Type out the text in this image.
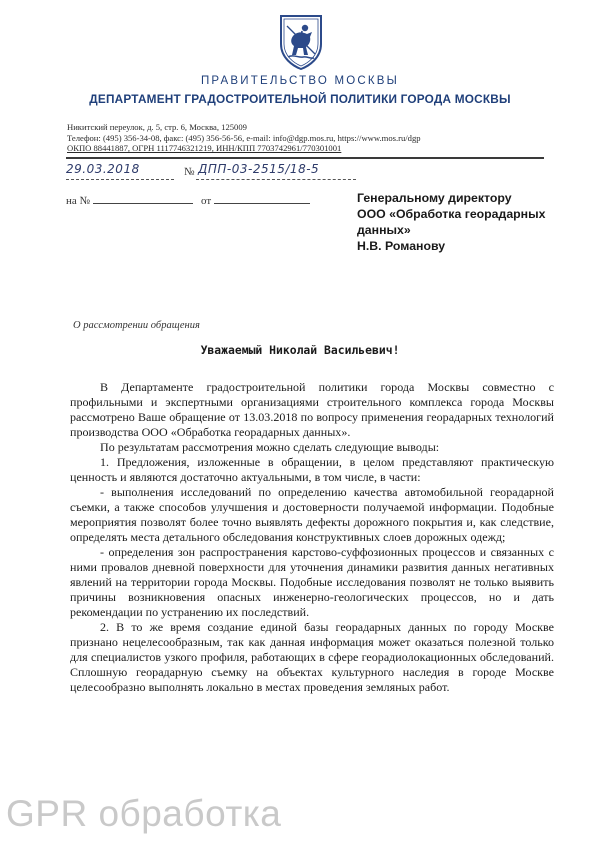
ПРАВИТЕЛЬСТВО МОСКВЫ
ДЕПАРТАМЕНТ ГРАДОСТРОИТЕЛЬНОЙ ПОЛИТИКИ ГОРОДА МОСКВЫ
Никитский переулок, д. 5, стр. 6, Москва, 125009
Телефон: (495) 356-34-08, факс: (495) 356-56-56, e-mail: info@dgp.mos.ru, https://www.mos.ru/dgp
ОКПО 88441887, ОГРН 1117746321219, ИНН/КПП 7703742961/770301001
29.03.2018	№ ДПП-03-2515/18-5
на №	от	Генеральному директору
ООО «Обработка георадарных
данных»
Н.В. Романову
О рассмотрении обращения
Уважаемый Николай Васильевич!

В Департаменте градостроительной политики города Москвы совместно с профильными и экспертными организациями строительного комплекса города Москвы рассмотрено Ваше обращение от 13.03.2018 по вопросу применения георадарных технологий производства ООО «Обработка георадарных данных».

По результатам рассмотрения можно сделать следующие выводы:

1. Предложения, изложенные в обращении, в целом представляют практическую ценность и являются достаточно актуальными, в том числе, в части:

- выполнения исследований по определению качества автомобильной георадарной съемки, а также способов улучшения и достоверности получаемой информации. Подобные мероприятия позволят более точно выявлять дефекты дорожного покрытия и, как следствие, определять места детального обследования конструктивных слоев дорожных одежд;

- определения зон распространения карстово-суффозионных процессов и связанных с ними провалов дневной поверхности для уточнения динамики развития данных негативных явлений на территории города Москвы. Подобные исследования позволят не только выявить причины возникновения опасных инженерно-геологических процессов, но и дать рекомендации по устранению их последствий.

2. В то же время создание единой базы георадарных данных по городу Москве признано нецелесообразным, так как данная информация может оказаться полезной только для специалистов узкого профиля, работающих в сфере георадиолокационных обследований. Сплошную георадарную съемку на объектах культурного наследия в городе Москве целесообразно выполнять локально в местах проведения земляных работ.

GPR обработка
